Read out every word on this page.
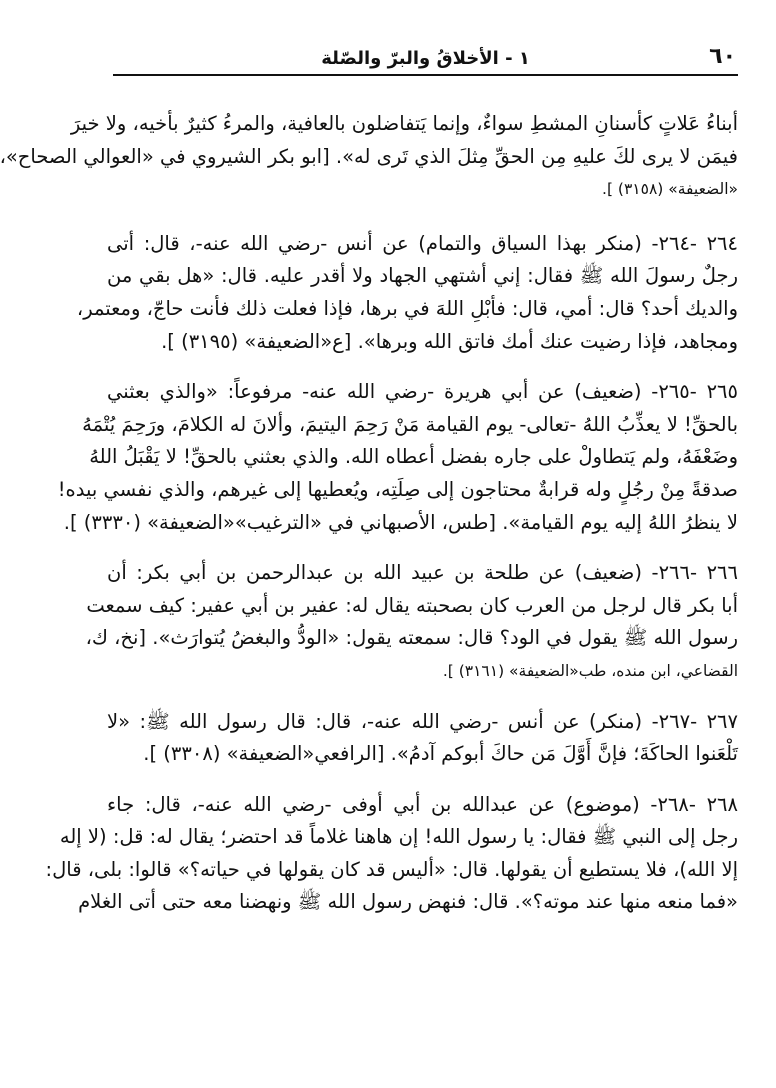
٦٠
١ - الأخلاقُ والبرّ والصّلة
أبناءُ عَلاتٍ كأسنانِ المشطِ سواءٌ، وإنما يَتفاضلون بالعافية، والمرءُ كثيرٌ بأخيه، ولا خيرَ
فيمَن لا يرى لكَ عليهِ مِن الحقِّ مِثلَ الذي تَرى له». [ابو بكر الشيروي في «العوالي الصحاح»،
«الضعيفة» (٣١٥٨) ].
٢٦٤ -٢٦٤- (منكر بهذا السياق والتمام) عن أنس -رضي الله عنه-، قال: أتى
رجلٌ رسولَ الله ﷺ فقال: إني أشتهي الجهاد ولا أقدر عليه. قال: «هل بقي من
والديك أحد؟ قال: أمي، قال: فأبْلِ اللهَ في برها، فإذا فعلت ذلك فأنت حاجّ، ومعتمر،
ومجاهد، فإذا رضيت عنك أمك فاتق الله وبرها». [ع«الضعيفة» (٣١٩٥) ].
٢٦٥ -٢٦٥- (ضعيف) عن أبي هريرة -رضي الله عنه- مرفوعاً: «والذي بعثني
بالحقِّ! لا يعذِّبُ اللهُ -تعالى- يوم القيامة مَنْ رَحِمَ اليتيمَ، وألانَ له الكلامَ، ورَحِمَ يُتْمَهُ
وضَعْفَهُ، ولم يَتطاولْ على جاره بفضل أعطاه الله. والذي بعثني بالحقِّ! لا يَقْبَلُ اللهُ
صدقةً مِنْ رجُلٍ وله قرابةٌ محتاجون إلى صِلَتِه، ويُعطيها إلى غيرهم، والذي نفسي بيده!
لا ينظرُ اللهُ إليه يوم القيامة». [طس، الأصبهاني في «الترغيب»«الضعيفة» (٣٣٣٠) ].
٢٦٦ -٢٦٦- (ضعيف) عن طلحة بن عبيد الله بن عبدالرحمن بن أبي بكر: أن
أبا بكر قال لرجل من العرب كان بصحبته يقال له: عفير بن أبي عفير: كيف سمعت
رسول الله ﷺ يقول في الود؟ قال: سمعته يقول: «الودُّ والبغضُ يُتوارَث». [نخ، ك،
القضاعي، ابن منده، طب«الضعيفة» (٣١٦١) ].
٢٦٧ -٢٦٧- (منكر) عن أنس -رضي الله عنه-، قال: قال رسول الله ﷺ: «لا
تَلْعَنوا الحاكَةَ؛ فإنَّ أَوَّلَ مَن حاكَ أبوكم آدمُ». [الرافعي«الضعيفة» (٣٣٠٨) ].
٢٦٨ -٢٦٨- (موضوع) عن عبدالله بن أبي أوفى -رضي الله عنه-، قال: جاء
رجل إلى النبي ﷺ فقال: يا رسول الله! إن هاهنا غلاماً قد احتضر؛ يقال له: قل: (لا إله
إلا الله)، فلا يستطيع أن يقولها. قال: «أليس قد كان يقولها في حياته؟» قالوا: بلى، قال:
«فما منعه منها عند موته؟». قال: فنهض رسول الله ﷺ ونهضنا معه حتى أتى الغلام
